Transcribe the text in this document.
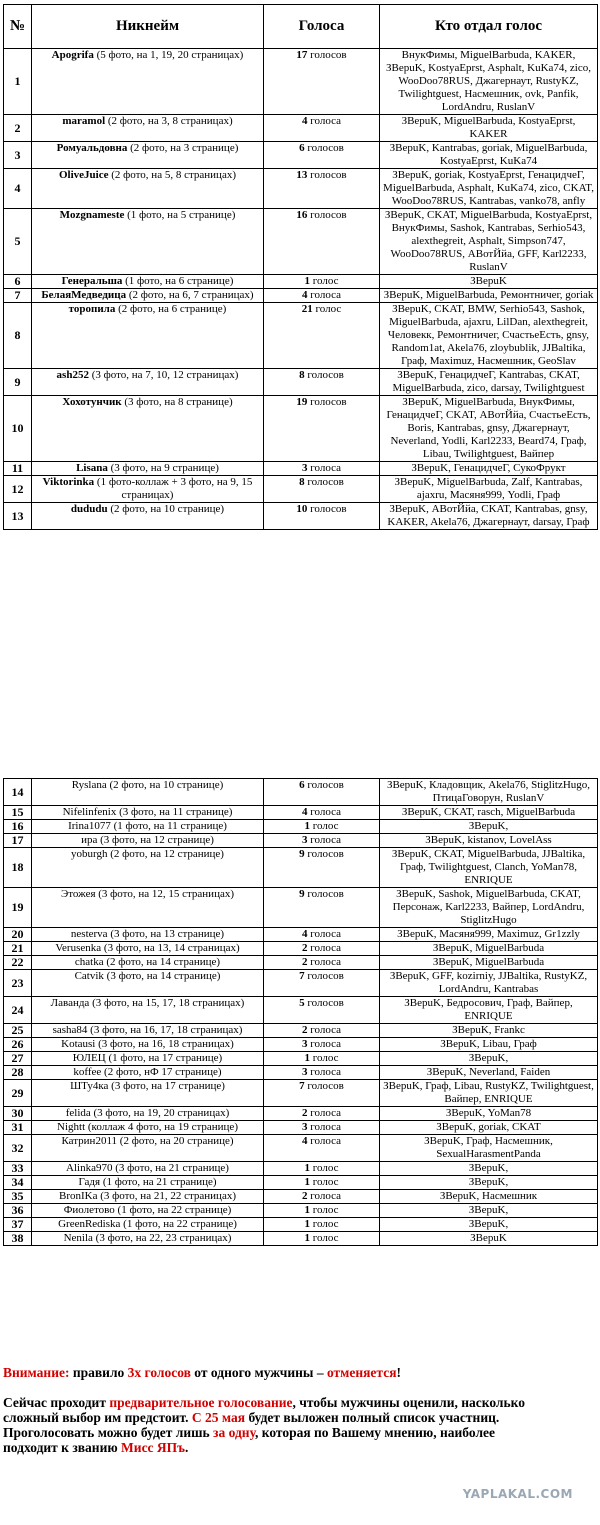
№	Никнейм	Голоса	Кто отдал голос
1	Apogrifa (5 фото, на 1, 19, 20 страницах)	17 голосов	ВнукФимы, MiguelBarbuda, KAKER, ЗВерuK, KostyaEprst, Asphalt, KuKa74, zico, WooDoo78RUS, Джагернаут, RustyKZ, Twilightguest, Насмешник, ovk, Panfik, LordAndru, RuslanV
2	maramol (2 фото, на 3, 8 страницах)	4 голоса	ЗВерuK, MiguelBarbuda, KostyaEprst, KAKER
3	Ромуальдовна (2 фото, на 3 странице)	6 голосов	ЗВерuK, Kantrabas, goriak, MiguelBarbuda, KostyaEprst, KuKa74
4	OliveJuice (2 фото, на 5, 8 страницах)	13 голосов	ЗВерuK, goriak, KostyaEprst, ГенацидчеГ, MiguelBarbuda, Asphalt, KuKa74, zico, CKAT, WooDoo78RUS, Kantrabas, vanko78, anfly
5	Mozgnameste (1 фото, на 5 странице)	16 голосов	ЗВерuK, CKAT, MiguelBarbuda, KostyaEprst, ВнукФимы, Sashok, Kantrabas, Serhio543, alexthegreit, Asphalt, Simpson747, WooDoo78RUS, АВотЙйа, GFF, Karl2233, RuslanV
6	Генеральша (1 фото, на 6 странице)	1 голос	ЗВерuK
7	БелаяМедведица (2 фото, на 6, 7 страницах)	4 голоса	ЗВерuK, MiguelBarbuda, Ремонтничег, goriak
8	торопила (2 фото, на 6 странице)	21 голос	ЗВерuK, CKAT, BMW, Serhio543, Sashok, MiguelBarbuda, ajaxru, LilDan, alexthegreit, Человекк, Ремонтничег, СчастьеЕсть, gnsy, Random1at, Akela76, zloybublik, JJBaltika, Граф, Maximuz, Насмешник, GeoSlav
9	ash252 (3 фото, на 7, 10, 12 страницах)	8 голосов	ЗВерuK, ГенацидчеГ, Kantrabas, CKAT, MiguelBarbuda, zico, darsay, Twilightguest
10	Хохотунчик (3 фото, на 8 странице)	19 голосов	ЗВерuK, MiguelBarbuda, ВнукФимы, ГенацидчеГ, CKAT, АВотЙйа, СчастьеЕсть, Boris, Kantrabas, gnsy, Джагернаут, Neverland, Yodli, Karl2233, Beard74, Граф, Libau, Twilightguest, Вайпер
11	Lisana (3 фото, на 9 странице)	3 голоса	ЗВерuK, ГенацидчеГ, СукоФрукт
12	Viktorinka (1 фото-коллаж + 3 фото, на 9, 15 страницах)	8 голосов	ЗВерuK, MiguelBarbuda, Zalf, Kantrabas, ajaxru, Масяня999, Yodli, Граф
13	dududu (2 фото, на 10 странице)	10 голосов	ЗВерuK, АВотЙйа, CKAT, Kantrabas, gnsy, KAKER, Akela76, Джагернаут, darsay, Граф
14	Ryslana (2 фото, на 10 странице)	6 голосов	ЗВерuK, Кладовщик, Akela76, StiglitzHugo, ПтицаГоворун, RuslanV
15	Nifelinfenix (3 фото, на 11 странице)	4 голоса	ЗВерuK, CKAT, rasch, MiguelBarbuda
16	Irina1077 (1 фото, на 11 странице)	1 голос	ЗВерuK,
17	ира (3 фото, на 12 странице)	3 голоса	ЗВерuK, kistanov, LovelAss
18	yoburgh (2 фото, на 12 странице)	9 голосов	ЗВерuK, CKAT, MiguelBarbuda, JJBaltika, Граф, Twilightguest, Clanch, YoMan78, ENRIQUE
19	Этожея (3 фото, на 12, 15 страницах)	9 голосов	ЗВерuK, Sashok, MiguelBarbuda, CKAT, Персонаж, Karl2233, Вайпер, LordAndru, StiglitzHugo
20	nesterva (3 фото, на 13 странице)	4 голоса	ЗВерuK, Масяня999, Maximuz, Gr1zzly
21	Verusenka (3 фото, на 13, 14 страницах)	2 голоса	ЗВерuK, MiguelBarbuda
22	chatka (2 фото, на 14 странице)	2 голоса	ЗВерuK, MiguelBarbuda
23	Catvik (3 фото, на 14 странице)	7 голосов	ЗВерuK, GFF, kozirniy, JJBaltika, RustyKZ, LordAndru, Kantrabas
24	Лаванда (3 фото, на 15, 17, 18 страницах)	5 голосов	ЗВерuK, Бедросович, Граф, Вайпер, ENRIQUE
25	sasha84 (3 фото, на 16, 17, 18 страницах)	2 голоса	ЗВерuK, Frankc
26	Kotausi (3 фото, на 16, 18 страницах)	3 голоса	ЗВерuK, Libau, Граф
27	ЮЛЕЦ (1 фото, на 17 странице)	1 голос	ЗВерuK,
28	koffee (2 фото, нФ 17 странице)	3 голоса	ЗВерuK, Neverland, Faiden
29	ШТу4ка (3 фото, на 17 странице)	7 голосов	ЗВерuK, Граф, Libau, RustyKZ, Twilightguest, Вайпер, ENRIQUE
30	felida (3 фото, на 19, 20 страницах)	2 голоса	ЗВерuK, YoMan78
31	Nightt (коллаж 4 фото, на 19 странице)	3 голоса	ЗВерuK, goriak, CKAT
32	Катрин2011 (2 фото, на 20 странице)	4 голоса	ЗВерuK, Граф, Насмешник, SexualHarasmentPanda
33	Alinka970 (3 фото, на 21 странице)	1 голос	ЗВерuK,
34	Гадя (1 фото, на 21 странице)	1 голос	ЗВерuK,
35	BronIKa (3 фото, на 21, 22 страницах)	2 голоса	ЗВерuK, Насмешник
36	Фиолетово (1 фото, на 22 странице)	1 голос	ЗВерuK,
37	GreenRediska (1 фото, на 22 странице)	1 голос	ЗВерuK,
38	Nenila (3 фото, на 22, 23 страницах)	1 голос	ЗВерuK

Внимание: правило 3х голосов от одного мужчины – отменяется!

Сейчас проходит предварительное голосование, чтобы мужчины оценили, насколько

сложный выбор им предстоит. С 25 мая будет выложен полный список участниц.

Проголосовать можно будет лишь за одну, которая по Вашему мнению, наиболее

подходит к званию Мисс ЯПъ.

YAPLAKAL.COM
